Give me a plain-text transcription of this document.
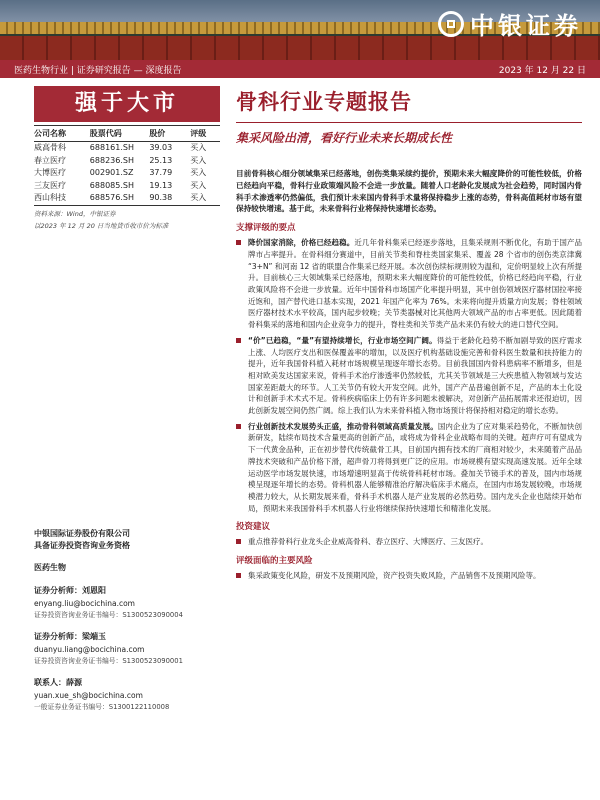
中银证券
医药生物行业 | 证券研究报告 — 深度报告	2023 年 12 月 22 日
强于大市
公司名称	股票代码	股价	评级
威高骨科	688161.SH	39.03	买入
春立医疗	688236.SH	25.13	买入
大博医疗	002901.SZ	37.79	买入
三友医疗	688085.SH	19.13	买入
西山科技	688576.SH	90.38	买入
资料来源：Wind，中银证券
以2023 年 12 月 20 日当地货币收市价为标准
中银国际证券股份有限公司
具备证券投资咨询业务资格
医药生物
证券分析师：刘恩阳
enyang.liu@bocichina.com
证券投资咨询业务证书编号：S1300523090004
证券分析师：梁端玉
duanyu.liang@bocichina.com
证券投资咨询业务证书编号：S1300523090001
联系人：薛源
yuan.xue_sh@bocichina.com
一般证券业务证书编号：S1300122110008
骨科行业专题报告
集采风险出清，看好行业未来长期成长性
目前骨科核心细分领域集采已经落地，创伤类集采续约提价，预期未来大幅度降价的可能性较低，价格已经趋向平稳，骨科行业政策端风险不会进一步放量。随着人口老龄化发展成为社会趋势，同时国内骨科手术渗透率仍然偏低，我们预计未来国内骨科手术量将保持稳步上涨的态势，骨科高值耗材市场有望保持较快增速。基于此，未来骨科行业将保持快速增长态势。
支撑评级的要点

降价国家消除，价格已经趋稳。近几年骨科集采已经逐步落地，且集采规则不断优化，有助于国产品牌市占率提升。在骨科细分赛道中，目前关节类和脊柱类国家集采、覆盖 28 个省市的创伤类京津冀 “3+N” 和河南 12 省的联盟合作集采已经开展。本次创伤续标规则较为温和，定价明显较上次有所提升。目前核心三大领域集采已经落地，预期未来大幅度降价的可能性较低，价格已经趋向平稳，行业政策风险将不会进一步放量。近年中国骨科市场国产化率提升明显，其中创伤领域医疗器材国拉率接近饱和，国产替代进口基本实现，2021 年国产化率为 76%。未来将向提升质量方向发展；脊柱领域医疗器材技术水平较高，国内起步较晚；关节类器械对比其他两大领域产品的市占率更低。因此随着骨科集采的落地和国内企业竞争力的提升，脊柱类和关节类产品未来仍有较大的进口替代空间。

“价”已趋稳，“量”有望持续增长，行业市场空间广阔。得益于老龄化趋势不断加剧导致的医疗需求上涨、人均医疗支出和医保覆盖率的增加，以及医疗机构基础设施完善和骨科医生数量和扶持能力的提升，近年我国骨科植入耗材市场规模呈现逐年增长态势。目前我国国内骨科患病率不断增多，但是相对欧美发达国家来说，骨科手术治疗渗透率仍然较低，尤其关节领域是三大疾患植入物领域与发达国家差距最大的环节。人工关节仍有较大开发空间。此外，国产产品普遍创新不足，产品的本土化设计和创新手术术式不足。骨科疾病临床上仍有许多问题未被解决，对创新产品拓展需求还很迫切，因此创新发展空间仍然广阔。综上我们认为未来骨科植入物市场预计将保持相对稳定的增长态势。

行业创新技术发展势头正盛，推动骨科领域高质量发展。国内企业为了应对集采趋势化，不断加快创新研发，陆续布局技术含量更高的创新产品，或将成为骨科企业战略布局的关键。超声疗可有望成为下一代黄金品种，正在初步替代传统截骨工具，目前国内拥有技术的厂商相对较少，未来随着产品品牌技术突破和产品价格下滑，超声骨刀将得到更广泛的应用。市场规模有望实现高速发展。近年全球运动医学市场发展快速，市场增速明显高于传统骨科耗材市场。叠加关节镜手术的普及，国内市场规模呈现逐年增长的态势。骨科机器人能够精准治疗解决临床手术痛点，在国内市场发展较晚，市场规模潜力较大，从长期发展来看，骨科手术机器人是产业发展的必然趋势。国内龙头企业也陆续开始布局，预期未来我国骨科手术机器人行业将继续保持快速增长和精准化发展。

投资建议

重点推荐骨科行业龙头企业威高骨科、春立医疗、大博医疗、三友医疗。

评级面临的主要风险

集采政策变化风险，研发不及预期风险，资产投资失败风险，产品销售不及预期风险等。
